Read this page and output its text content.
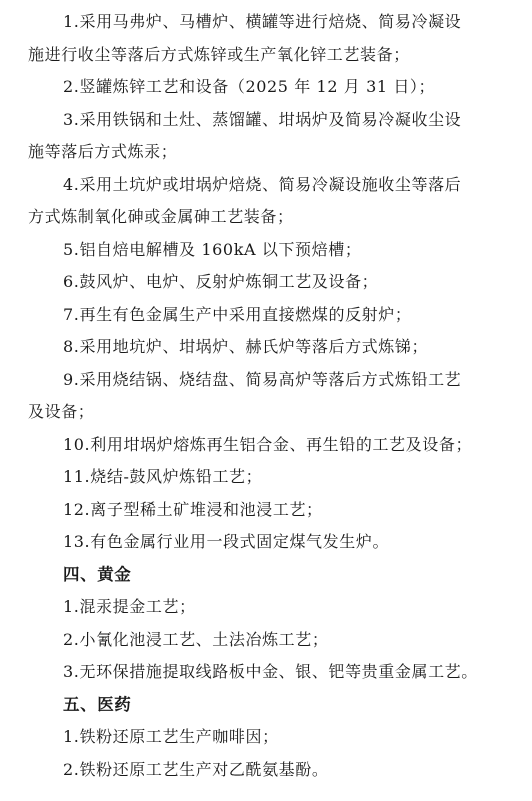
1.采用马弗炉、马槽炉、横罐等进行焙烧、简易冷凝设

施进行收尘等落后方式炼锌或生产氧化锌工艺装备；

2.竖罐炼锌工艺和设备（2025 年 12 月 31 日）；

3.采用铁锅和土灶、蒸馏罐、坩埚炉及简易冷凝收尘设

施等落后方式炼汞；

4.采用土坑炉或坩埚炉焙烧、简易冷凝设施收尘等落后

方式炼制氧化砷或金属砷工艺装备；

5.铝自焙电解槽及 160kA 以下预焙槽；

6.鼓风炉、电炉、反射炉炼铜工艺及设备；

7.再生有色金属生产中采用直接燃煤的反射炉；

8.采用地坑炉、坩埚炉、赫氏炉等落后方式炼锑；

9.采用烧结锅、烧结盘、简易高炉等落后方式炼铅工艺

及设备；

10.利用坩埚炉熔炼再生铝合金、再生铅的工艺及设备；

11.烧结-鼓风炉炼铅工艺；

12.离子型稀土矿堆浸和池浸工艺；

13.有色金属行业用一段式固定煤气发生炉。

四、黄金

1.混汞提金工艺；

2.小氰化池浸工艺、土法冶炼工艺；

3.无环保措施提取线路板中金、银、钯等贵重金属工艺。

五、医药

1.铁粉还原工艺生产咖啡因；

2.铁粉还原工艺生产对乙酰氨基酚。
